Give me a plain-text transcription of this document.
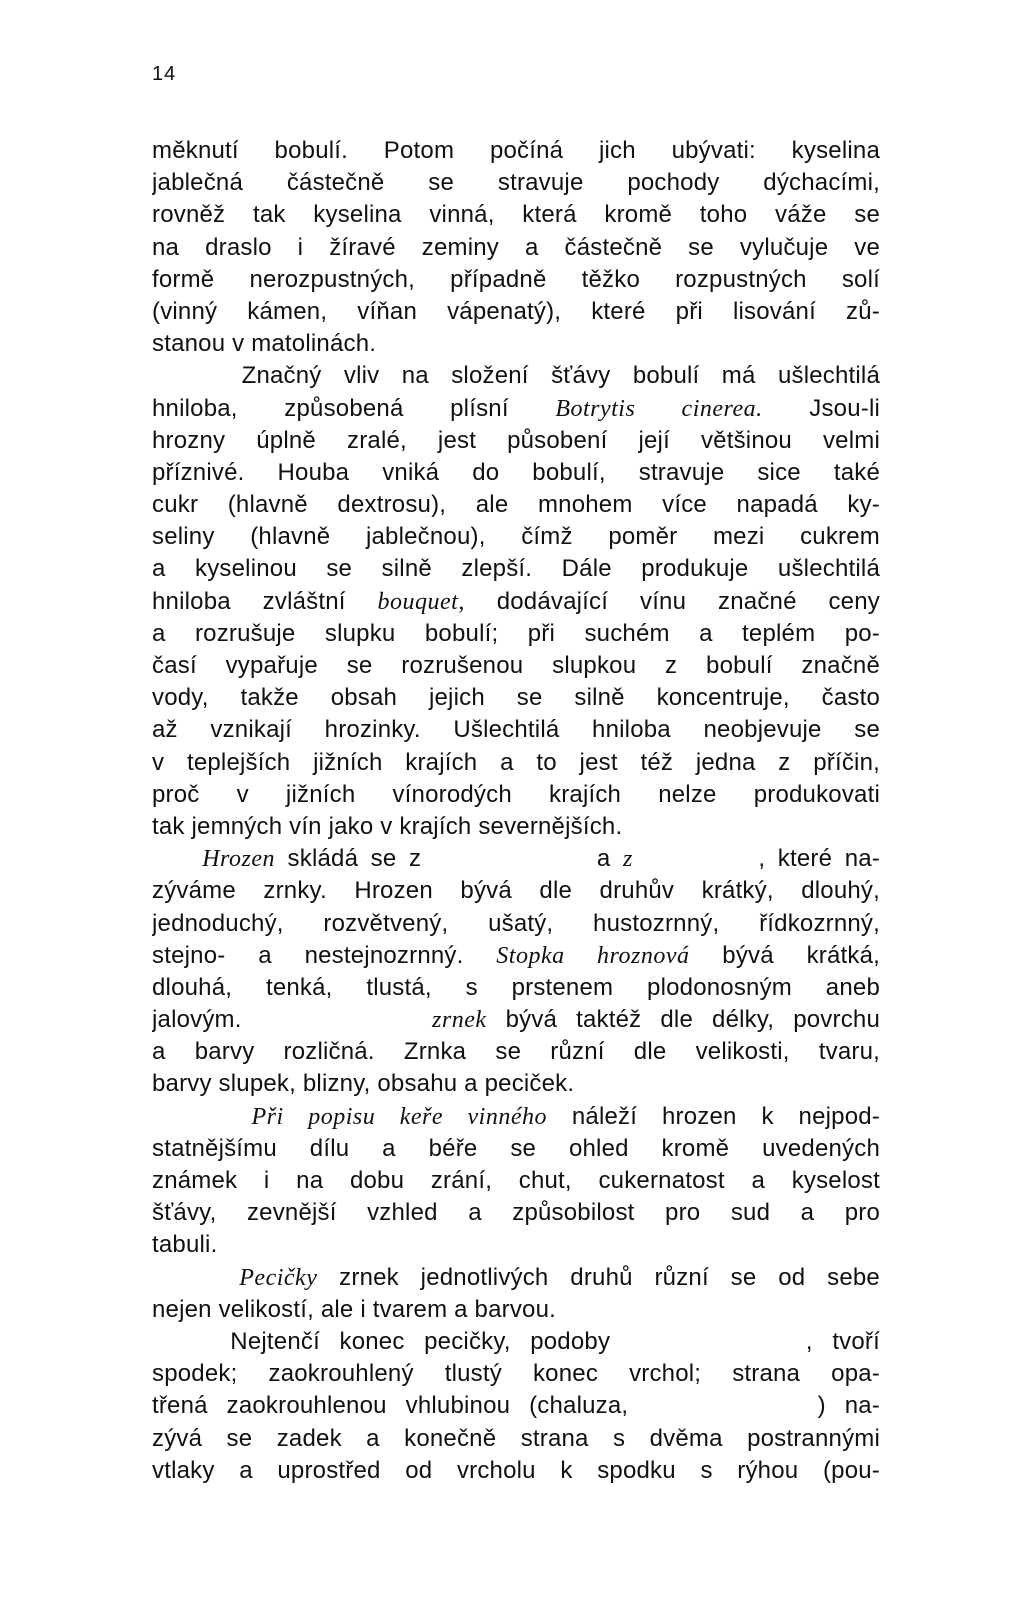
14
měknutí bobulí. Potom počíná jich ubývati: kyselina
jablečná částečně se stravuje pochody dýchacími,
rovněž tak kyselina vinná, která kromě toho váže se
na draslo i žíravé zeminy a částečně se vylučuje ve
formě nerozpustných, případně těžko rozpustných solí
(vinný kámen, víňan vápenatý), které při lisování zů-
stanou v matolinách.
Značný vliv na složení šťávy bobulí má ušlechtilá
hniloba, způsobená plísní Botrytis cinerea. Jsou-li
hrozny úplně zralé, jest působení její většinou velmi
příznivé. Houba vniká do bobulí, stravuje sice také
cukr (hlavně dextrosu), ale mnohem více napadá ky-
seliny (hlavně jablečnou), čímž poměr mezi cukrem
a kyselinou se silně zlepší. Dále produkuje ušlechtilá
hniloba zvláštní bouquet, dodávající vínu značné ceny
a rozrušuje slupku bobulí; při suchém a teplém po-
časí vypařuje se rozrušenou slupkou z bobulí značně
vody, takže obsah jejich se silně koncentruje, často
až vznikají hrozinky. Ušlechtilá hniloba neobjevuje se
v teplejších jižních krajích a to jest též jedna z příčin,
proč v jižních vínorodých krajích nelze produkovati
tak jemných vín jako v krajích severnějších.
Hrozen skládá se z              a z          , které na-
zýváme zrnky. Hrozen bývá dle druhův krátký, dlouhý,
jednoduchý, rozvětvený, ušatý, hustozrnný, řídkozrnný,
stejno- a nestejnozrnný. Stopka hroznová bývá krátká,
dlouhá, tenká, tlustá, s prstenem plodonosným aneb
jalovým.          zrnek bývá taktéž dle délky, povrchu
a barvy rozličná. Zrnka se různí dle velikosti, tvaru,
barvy slupek, blizny, obsahu a peciček.
Při popisu keře vinného náleží hrozen k nejpod-
statnějšímu dílu a béře se ohled kromě uvedených
známek i na dobu zrání, chut, cukernatost a kyselost
šťávy, zevnější vzhled a způsobilost pro sud a pro
tabuli.
Pecičky zrnek jednotlivých druhů různí se od sebe
nejen velikostí, ale i tvarem a barvou.
Nejtenčí konec pecičky, podoby          , tvoří
spodek; zaokrouhlený tlustý konec vrchol; strana opa-
třená zaokrouhlenou vhlubinou (chaluza,          ) na-
zývá se zadek a konečně strana s dvěma postrannými
vtlaky a uprostřed od vrcholu k spodku s rýhou (pou-
